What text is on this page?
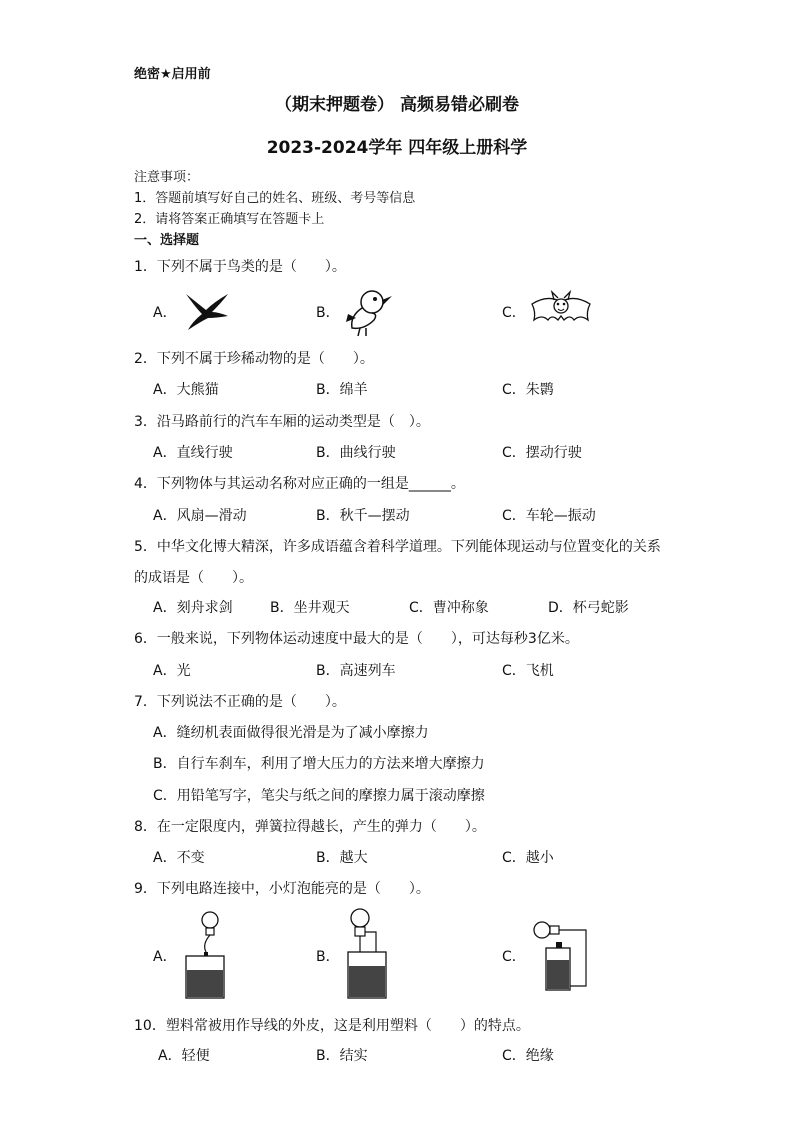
绝密★启用前
（期末押题卷） 高频易错必刷卷
2023-2024学年 四年级上册科学
注意事项：
1．答题前填写好自己的姓名、班级、考号等信息
2．请将答案正确填写在答题卡上
一、选择题
1．下列不属于鸟类的是（　　）。
A．	B．	C．
2．下列不属于珍稀动物的是（　　）。
A．大熊猫	B．绵羊	C．朱鹮
3．沿马路前行的汽车车厢的运动类型是（　）。
A．直线行驶	B．曲线行驶	C．摆动行驶
4．下列物体与其运动名称对应正确的一组是______。
A．风扇—滑动	B．秋千—摆动	C．车轮—振动
5．中华文化博大精深，许多成语蕴含着科学道理。下列能体现运动与位置变化的关系
的成语是（　　）。
A．刻舟求剑	B．坐井观天	C．曹冲称象	D．杯弓蛇影
6．一般来说，下列物体运动速度中最大的是（　　），可达每秒3亿米。
A．光	B．高速列车	C．飞机
7．下列说法不正确的是（　　）。
A．缝纫机表面做得很光滑是为了减小摩擦力
B．自行车刹车，利用了增大压力的方法来增大摩擦力
C．用铅笔写字，笔尖与纸之间的摩擦力属于滚动摩擦
8．在一定限度内，弹簧拉得越长，产生的弹力（　　）。
A．不变	B．越大	C．越小
9．下列电路连接中，小灯泡能亮的是（　　）。
A．	B．	C．
10．塑料常被用作导线的外皮，这是利用塑料（　　）的特点。
A．轻便	B．结实	C．绝缘
